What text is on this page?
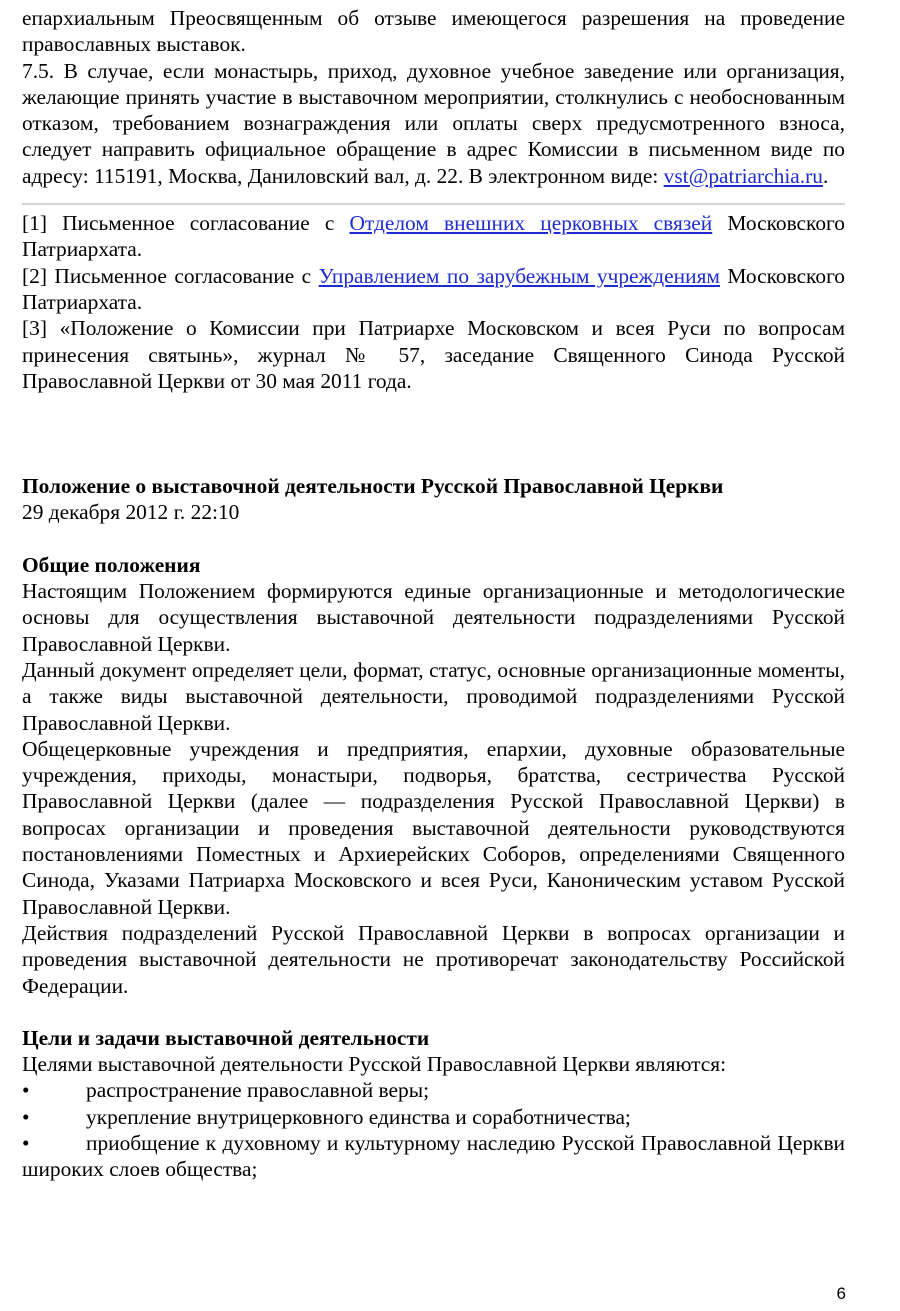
епархиальным Преосвященным об отзыве имеющегося разрешения на проведение православных выставок.

7.5. В случае, если монастырь, приход, духовное учебное заведение или организация, желающие принять участие в выставочном мероприятии, столкнулись с необоснованным отказом, требованием вознаграждения или оплаты сверх предусмотренного взноса, следует направить официальное обращение в адрес Комиссии в письменном виде по адресу: 115191, Москва, Даниловский вал, д. 22. В электронном виде: vst@patriarchia.ru.

[1] Письменное согласование с Отделом внешних церковных связей Московского Патриархата.

[2] Письменное согласование с Управлением по зарубежным учреждениям Московского Патриархата.

[3] «Положение о Комиссии при Патриархе Московском и всея Руси по вопросам принесения святынь», журнал № 57, заседание Священного Синода Русской Православной Церкви от 30 мая 2011 года.

Положение о выставочной деятельности Русской Православной Церкви

29 декабря 2012 г. 22:10

Общие положения

Настоящим Положением формируются единые организационные и методологические основы для осуществления выставочной деятельности подразделениями Русской Православной Церкви.

Данный документ определяет цели, формат, статус, основные организационные моменты, а также виды выставочной деятельности, проводимой подразделениями Русской Православной Церкви.

Общецерковные учреждения и предприятия, епархии, духовные образовательные учреждения, приходы, монастыри, подворья, братства, сестричества Русской Православной Церкви (далее — подразделения Русской Православной Церкви) в вопросах организации и проведения выставочной деятельности руководствуются постановлениями Поместных и Архиерейских Соборов, определениями Священного Синода, Указами Патриарха Московского и всея Руси, Каноническим уставом Русской Православной Церкви.

Действия подразделений Русской Православной Церкви в вопросах организации и проведения выставочной деятельности не противоречат законодательству Российской Федерации.

Цели и задачи выставочной деятельности

Целями выставочной деятельности Русской Православной Церкви являются:

•	распространение православной веры;

•	укрепление внутрицерковного единства и соработничества;

•	приобщение к духовному и культурному наследию Русской Православной Церкви широких слоев общества;

6
